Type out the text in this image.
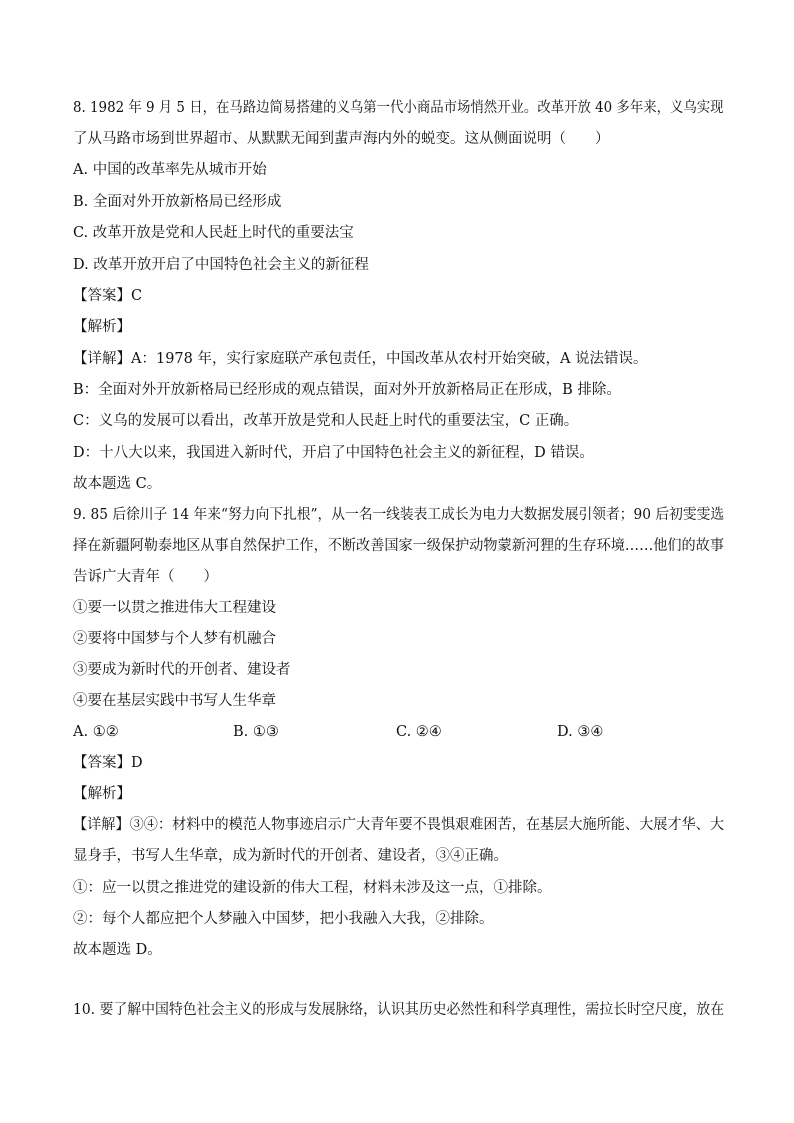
8. 1982 年 9 月 5 日，在马路边简易搭建的义乌第一代小商品市场悄然开业。改革开放 40 多年来，义乌实现
了从马路市场到世界超市、从默默无闻到蜚声海内外的蜕变。这从侧面说明（　　）
A. 中国的改革率先从城市开始
B. 全面对外开放新格局已经形成
C. 改革开放是党和人民赶上时代的重要法宝
D. 改革开放开启了中国特色社会主义的新征程
【答案】C
【解析】
【详解】A：1978 年，实行家庭联产承包责任，中国改革从农村开始突破，A 说法错误。
B：全面对外开放新格局已经形成的观点错误，面对外开放新格局正在形成，B 排除。
C：义乌的发展可以看出，改革开放是党和人民赶上时代的重要法宝，C 正确。
D：十八大以来，我国进入新时代，开启了中国特色社会主义的新征程，D 错误。
故本题选 C。
9. 85 后徐川子 14 年来“努力向下扎根”，从一名一线装表工成长为电力大数据发展引领者；90 后初雯雯选
择在新疆阿勒泰地区从事自然保护工作，不断改善国家一级保护动物蒙新河狸的生存环境……他们的故事
告诉广大青年（　　）
①要一以贯之推进伟大工程建设
②要将中国梦与个人梦有机融合
③要成为新时代的开创者、建设者
④要在基层实践中书写人生华章
A. ①②	B. ①③	C. ②④	D. ③④
【答案】D
【解析】
【详解】③④：材料中的模范人物事迹启示广大青年要不畏惧艰难困苦，在基层大施所能、大展才华、大
显身手，书写人生华章，成为新时代的开创者、建设者，③④正确。
①：应一以贯之推进党的建设新的伟大工程，材料未涉及这一点，①排除。
②：每个人都应把个人梦融入中国梦，把小我融入大我，②排除。
故本题选 D。
10. 要了解中国特色社会主义的形成与发展脉络，认识其历史必然性和科学真理性，需拉长时空尺度，放在
